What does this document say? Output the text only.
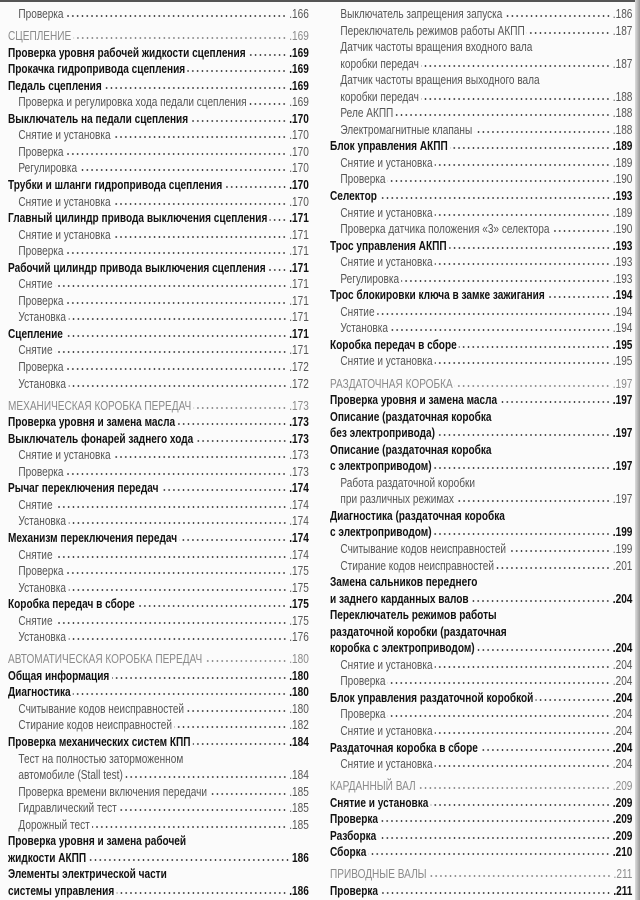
Проверка	.166
СЦЕПЛЕНИЕ	.169
Проверка уровня рабочей жидкости сцепления	.169
Прокачка гидропривода сцепления	.169
Педаль сцепления	.169
Проверка и регулировка хода педали сцепления	.169
Выключатель на педали сцепления	.170
Снятие и установка	.170
Проверка	.170
Регулировка	.170
Трубки и шланги гидропривода сцепления	.170
Снятие и установка	.170
Главный цилиндр привода выключения сцепления .171
Снятие и установка	.171
Проверка	.171
Рабочий цилиндр привода выключения сцепления .171
Снятие	.171
Проверка	.171
Установка	.171
Сцепление	.171
Снятие	.171
Проверка	.172
Установка	.172
МЕХАНИЧЕСКАЯ КОРОБКА ПЕРЕДАЧ	.173
Проверка уровня и замена масла	.173
Выключатель фонарей заднего хода	.173
Снятие и установка	.173
Проверка	.173
Рычаг переключения передач	.174
Снятие	.174
Установка	.174
Механизм переключения передач	.174
Снятие	.174
Проверка	.175
Установка	.175
Коробка передач в сборе	.175
Снятие	.175
Установка	.176
АВТОМАТИЧЕСКАЯ КОРОБКА ПЕРЕДАЧ	.180
Общая информация	.180
Диагностика	.180
Считывание кодов неисправностей	.180
Стирание кодов неисправностей	.182
Проверка механических систем КПП	.184
Тест на полностью заторможенном
автомобиле (Stall test)	.184
Проверка времени включения передачи	.185
Гидравлический тест	.185
Дорожный тест	.185
Проверка уровня и замена рабочей
жидкости АКПП	186
Элементы электрической части
системы управления	.186
Выключатель запрещения запуска	.186
Переключатель режимов работы АКПП	.187
Датчик частоты вращения входного вала
коробки передач	.187
Датчик частоты вращения выходного вала
коробки передач	.188
Реле АКПП	.188
Электромагнитные клапаны	.188
Блок управления АКПП	.189
Снятие и установка	.189
Проверка	.190
Селектор	.193
Снятие и установка	.189
Проверка датчика положения «3» селектора	.190
Трос управления АКПП	.193
Снятие и установка	.193
Регулировка	.193
Трос блокировки ключа в замке зажигания	.194
Снятие	.194
Установка	.194
Коробка передач в сборе	.195
Снятие и установка	.195
РАЗДАТОЧНАЯ КОРОБКА	.197
Проверка уровня и замена масла	.197
Описание (раздаточная коробка
без электропривода)	.197
Описание (раздаточная коробка
с электроприводом)	.197
Работа раздаточной коробки
при различных режимах	.197
Диагностика (раздаточная коробка
с электроприводом)	.199
Считывание кодов неисправностей	.199
Стирание кодов неисправностей	.201
Замена сальников переднего
и заднего карданных валов	.204
Переключатель режимов работы
раздаточной коробки (раздаточная
коробка с электроприводом)	.204
Снятие и установка	.204
Проверка	.204
Блок управления раздаточной коробкой	.204
Проверка	.204
Снятие и установка	.204
Раздаточная коробка в сборе	.204
Снятие и установка	.204
КАРДАННЫЙ ВАЛ	.209
Снятие и установка	.209
Проверка	.209
Разборка	.209
Сборка	.210
ПРИВОДНЫЕ ВАЛЫ	.211
Проверка	.211
